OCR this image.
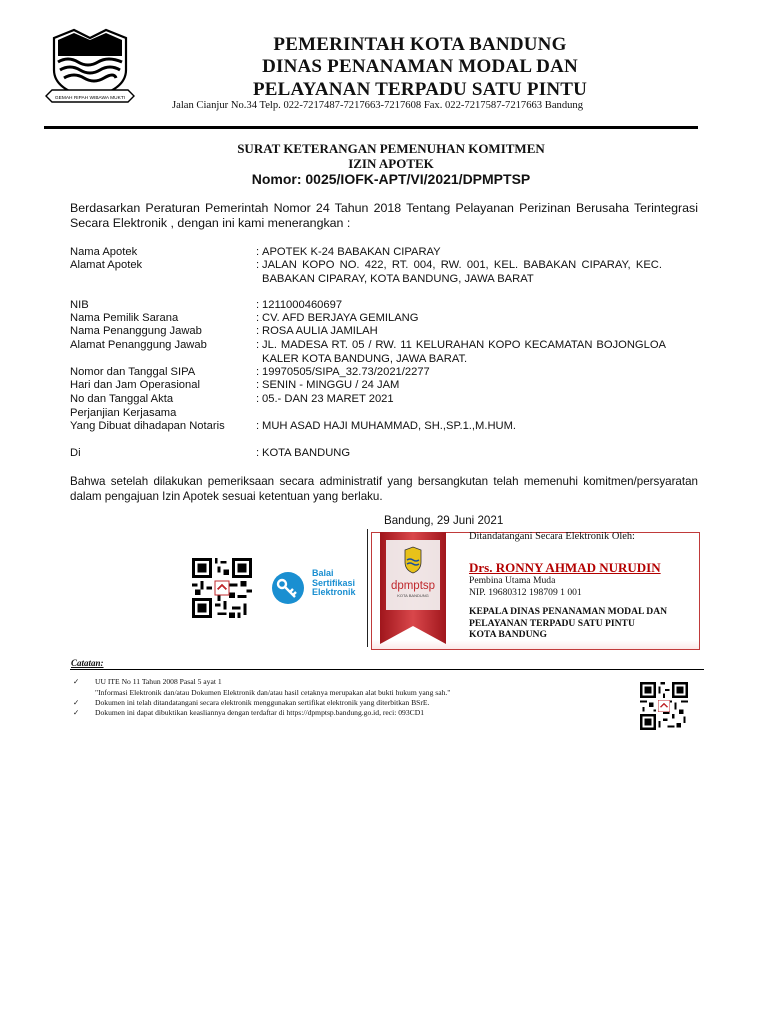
GEMAH RIPAH WIBAWA MUKTI
PEMERINTAH KOTA BANDUNG
DINAS PENANAMAN MODAL DAN
PELAYANAN TERPADU SATU PINTU
Jalan Cianjur No.34 Telp. 022-7217487-7217663-7217608 Fax. 022-7217587-7217663 Bandung
SURAT KETERANGAN PEMENUHAN KOMITMEN
IZIN APOTEK
Nomor: 0025/IOFK-APT/VI/2021/DPMPTSP
Berdasarkan Peraturan Pemerintah Nomor 24 Tahun 2018 Tentang Pelayanan Perizinan Berusaha Terintegrasi Secara Elektronik , dengan ini kami menerangkan :
Nama Apotek	: APOTEK K-24 BABAKAN CIPARAY
Alamat Apotek	: JALAN KOPO NO. 422, RT. 004, RW. 001, KEL. BABAKAN CIPARAY, KEC. BABAKAN CIPARAY, KOTA BANDUNG, JAWA BARAT
NIB	: 1211000460697
Nama Pemilik Sarana	: CV. AFD BERJAYA GEMILANG
Nama Penanggung Jawab	: ROSA AULIA JAMILAH
Alamat Penanggung Jawab	: JL. MADESA RT. 05 / RW. 11 KELURAHAN KOPO KECAMATAN BOJONGLOA KALER KOTA BANDUNG, JAWA BARAT.
Nomor dan Tanggal SIPA	: 19970505/SIPA_32.73/2021/2277
Hari dan Jam Operasional	: SENIN - MINGGU / 24 JAM
No dan Tanggal Akta Perjanjian Kerjasama
: 05.- DAN 23 MARET 2021
Yang Dibuat dihadapan Notaris	: MUH ASAD HAJI MUHAMMAD, SH.,SP.1.,M.HUM.
Di	: KOTA BANDUNG
Bahwa setelah dilakukan pemeriksaan secara administratif yang bersangkutan telah memenuhi komitmen/persyaratan dalam pengajuan Izin Apotek sesuai ketentuan yang berlaku.
Bandung, 29 Juni 2021
Balai
Sertifikasi
Elektronik	dpmptsp
KOTA BANDUNG
Ditandatangani Secara Elektronik Oleh:
Drs. RONNY AHMAD NURUDIN
Pembina Utama Muda
NIP. 19680312 198709 1 001
KEPALA DINAS PENANAMAN MODAL DAN
PELAYANAN TERPADU SATU PINTU
KOTA BANDUNG
Catatan:
✓ UU ITE No 11 Tahun 2008 Pasal 5 ayat 1
"Informasi Elektronik dan/atau Dokumen Elektronik dan/atau hasil cetaknya merupakan alat bukti hukum yang sah."
✓ Dokumen ini telah ditandatangani secara elektronik menggunakan sertifikat elektronik yang diterbitkan BSrE.
✓ Dokumen ini dapat dibuktikan keasliannya dengan terdaftar di https://dpmptsp.bandung.go.id, reci: 093CD1
